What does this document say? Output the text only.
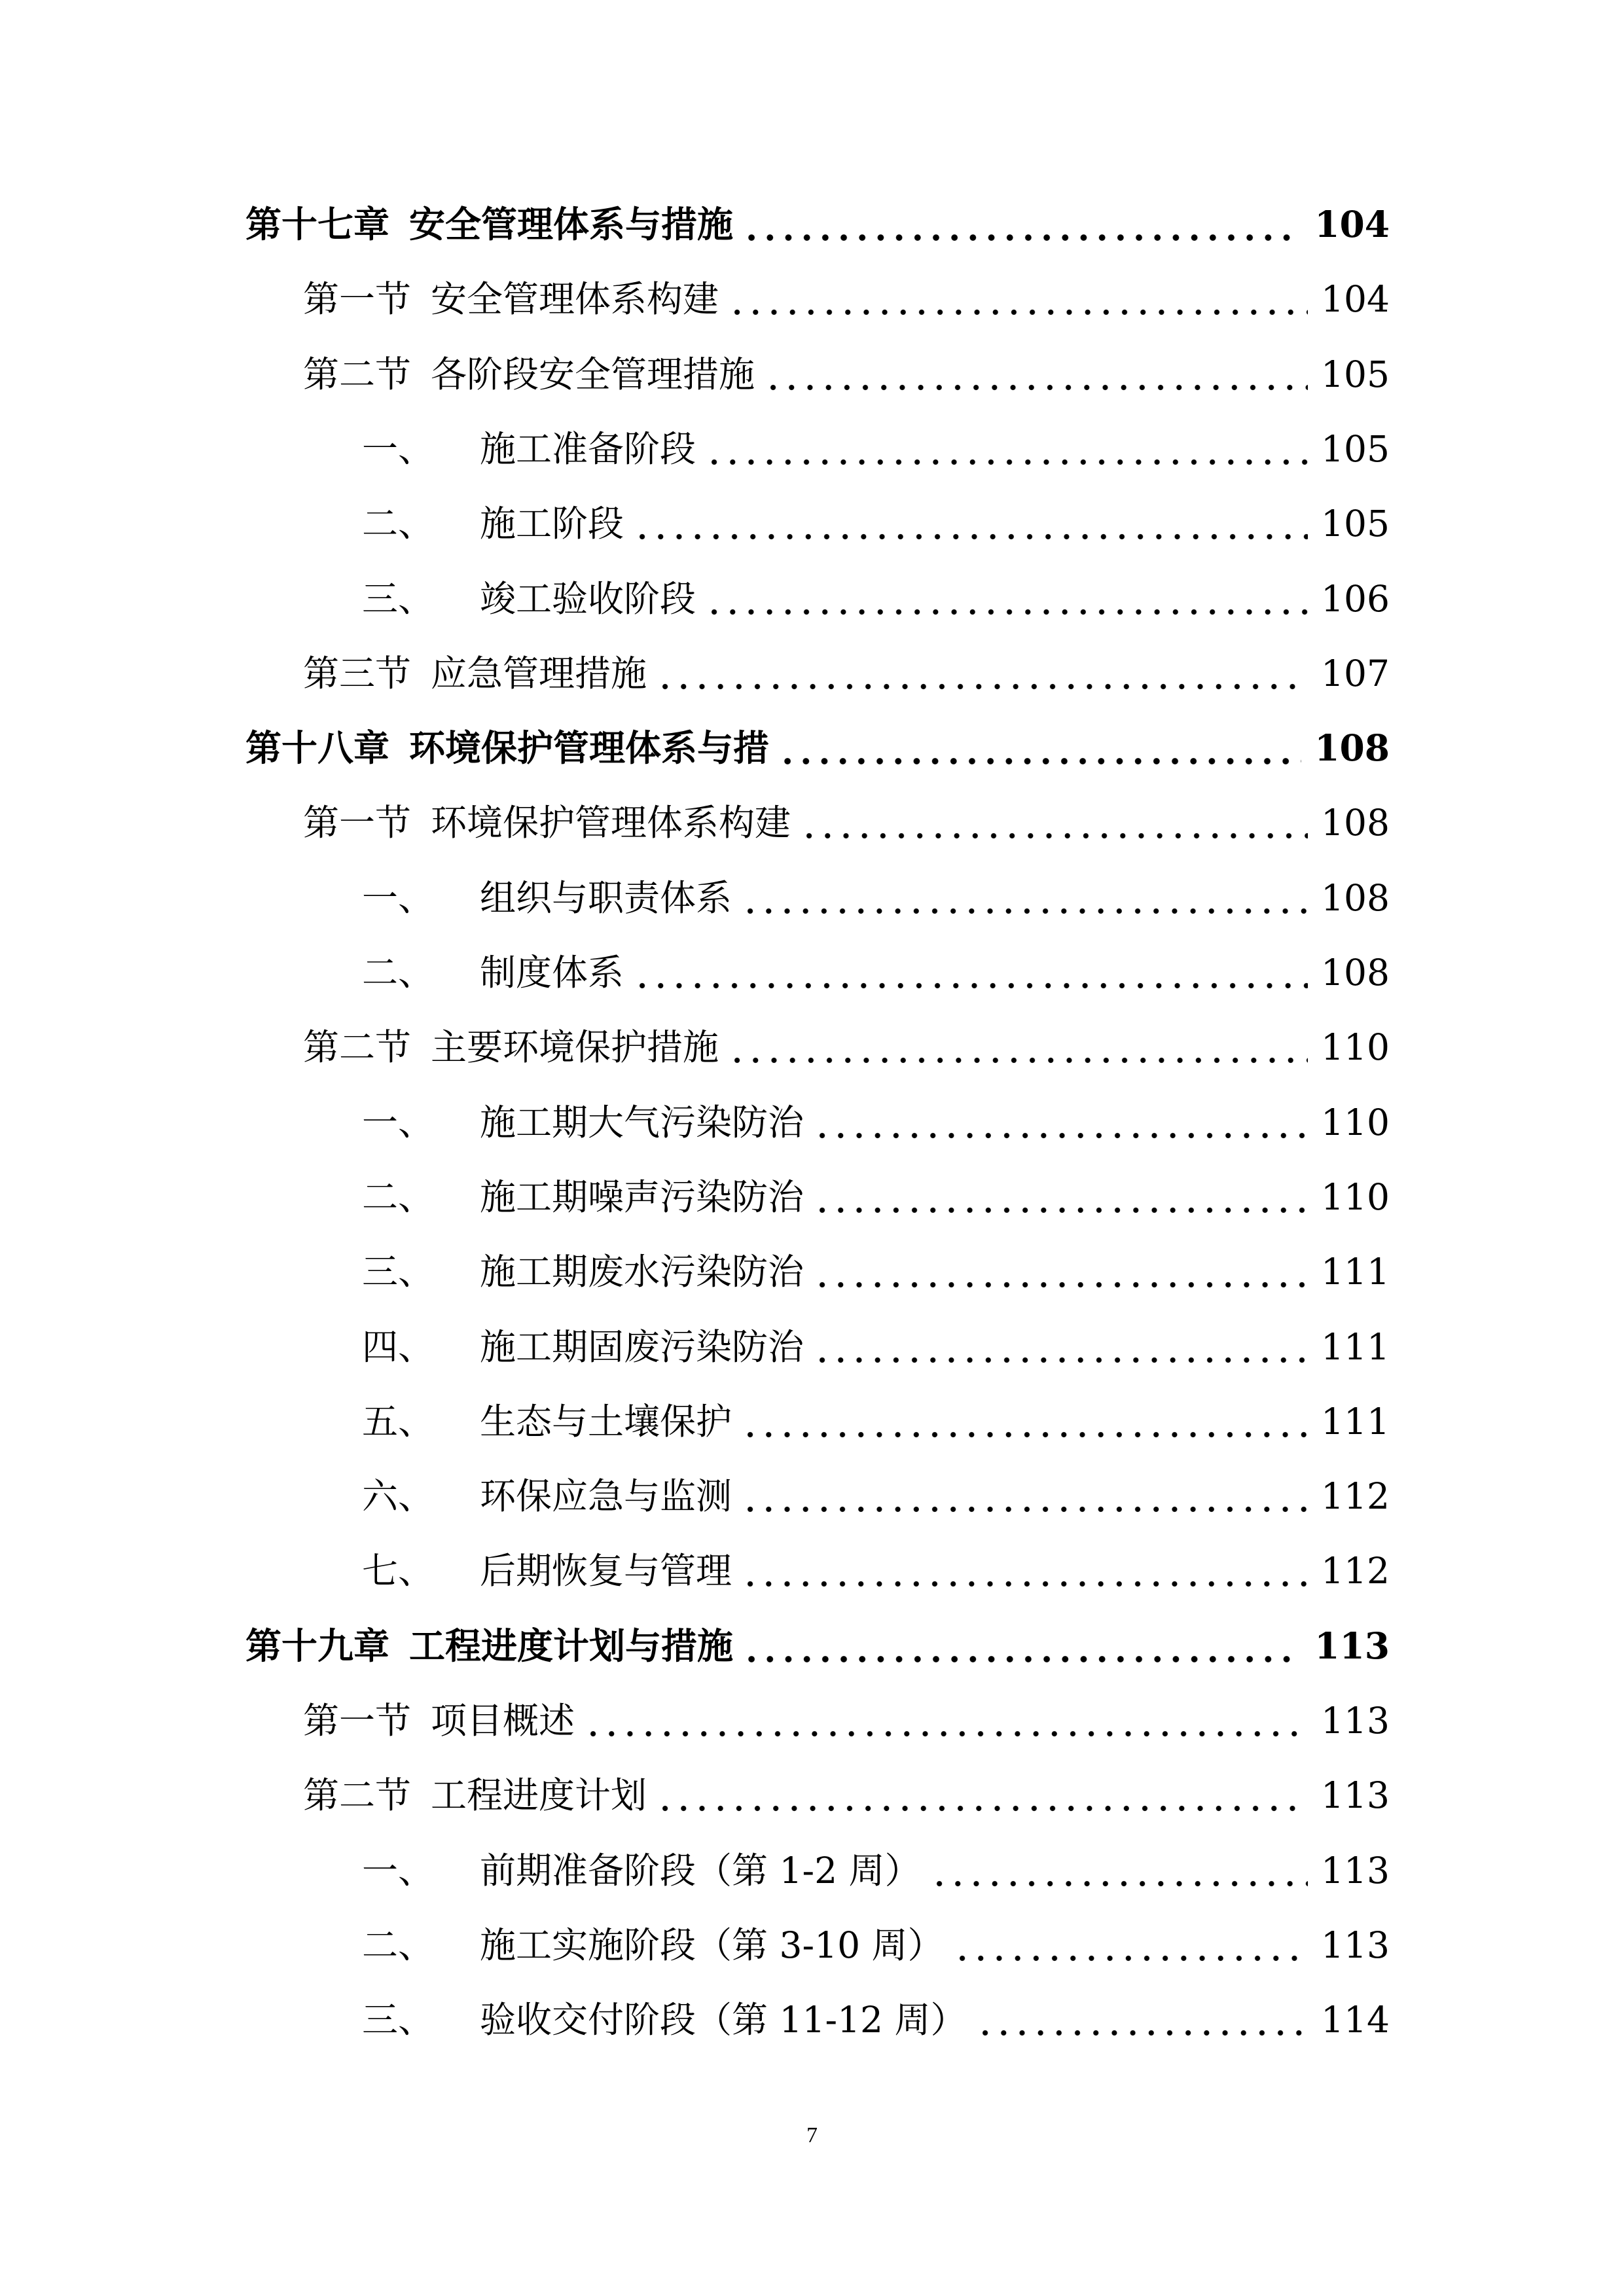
第十七章 安全管理体系与措施	104
第一节 安全管理体系构建	104
第二节 各阶段安全管理措施	105
一、 施工准备阶段	105
二、 施工阶段	105
三、 竣工验收阶段	106
第三节 应急管理措施	107
第十八章 环境保护管理体系与措	108
第一节 环境保护管理体系构建	108
一、 组织与职责体系	108
二、 制度体系	108
第二节 主要环境保护措施	110
一、 施工期大气污染防治	110
二、 施工期噪声污染防治	110
三、 施工期废水污染防治	111
四、 施工期固废污染防治	111
五、 生态与土壤保护	111
六、 环保应急与监测	112
七、 后期恢复与管理	112
第十九章 工程进度计划与措施	113
第一节 项目概述	113
第二节 工程进度计划	113
一、 前期准备阶段（第 1-2 周）	113
二、 施工实施阶段（第 3-10 周）	113
三、 验收交付阶段（第 11-12 周）	114
7
